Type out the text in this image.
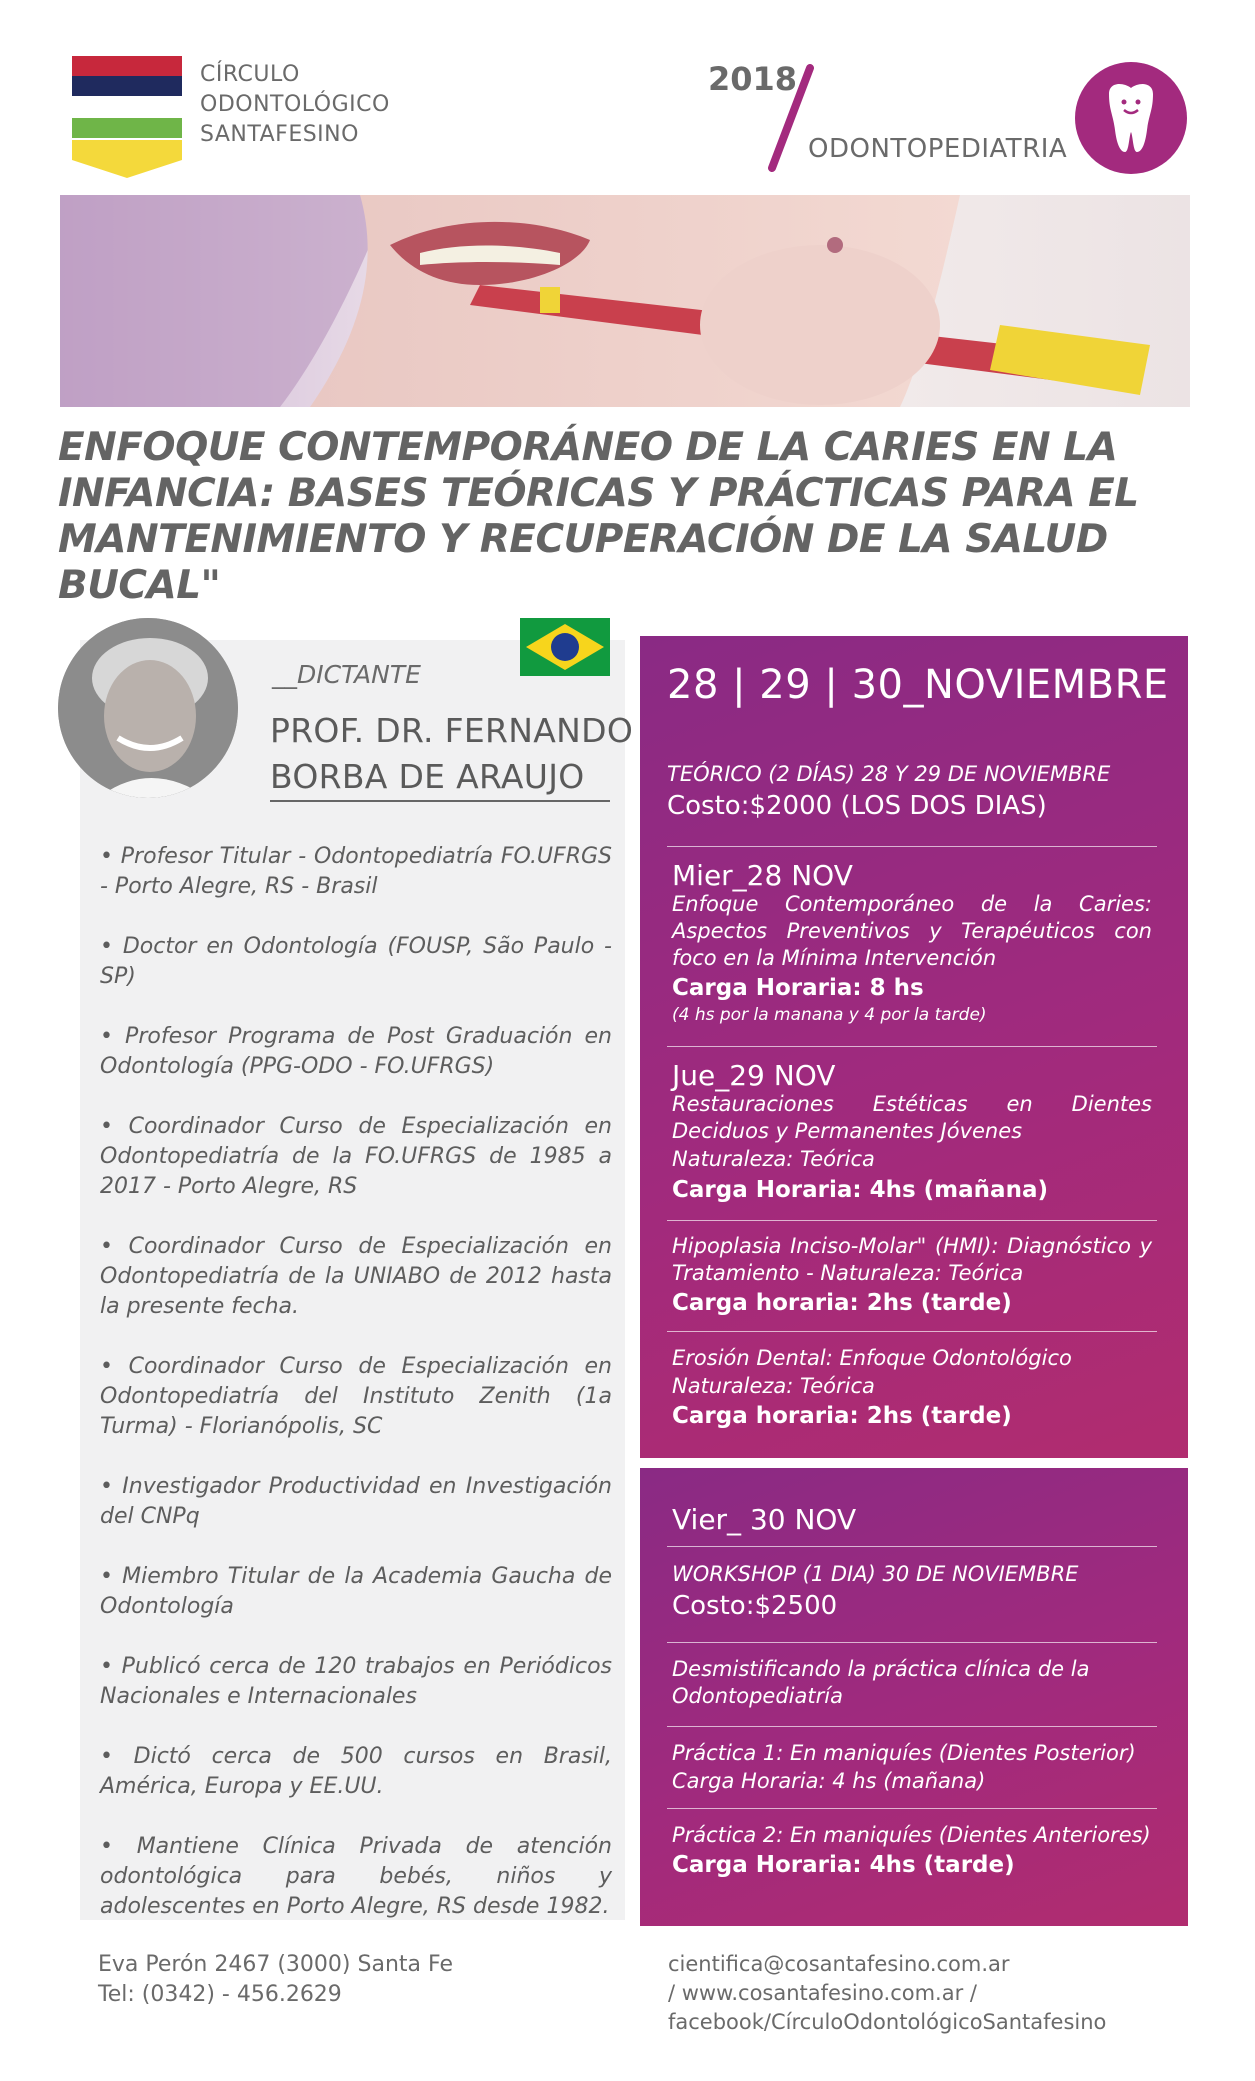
CÍRCULO
ODONTOLÓGICO
SANTAFESINO
2018
ODONTOPEDIATRIA
ENFOQUE CONTEMPORÁNEO DE LA CARIES EN LA
INFANCIA: BASES TEÓRICAS Y PRÁCTICAS PARA EL
MANTENIMIENTO Y RECUPERACIÓN DE LA SALUD BUCAL"
__DICTANTE
PROF. DR. FERNANDO
BORBA DE ARAUJO

• Profesor Titular - Odontopediatría FO.UFRGS - Porto Alegre, RS - Brasil

• Doctor en Odontología (FOUSP, São Paulo - SP)

• Profesor Programa de Post Graduación en Odontología (PPG-ODO - FO.UFRGS)

• Coordinador Curso de Especialización en Odontopediatría de la FO.UFRGS de 1985 a 2017 - Porto Alegre, RS

• Coordinador Curso de Especialización en Odontopediatría de la UNIABO de 2012 hasta la presente fecha.

• Coordinador Curso de Especialización en Odontopediatría del Instituto Zenith (1a Turma) - Florianópolis, SC

• Investigador Productividad en Investigación del CNPq

• Miembro Titular de la Academia Gaucha de Odontología

• Publicó cerca de 120 trabajos en Periódicos Nacionales e Internacionales

• Dictó cerca de 500 cursos en Brasil, América, Europa y EE.UU.

• Mantiene Clínica Privada de atención odontológica para bebés, niños y adolescentes en Porto Alegre, RS desde 1982.

28 | 29 | 30_NOVIEMBRE
TEÓRICO (2 DÍAS) 28 Y 29 DE NOVIEMBRE
Costo:$2000 (LOS DOS DIAS)
Mier_28 NOV
Enfoque Contemporáneo de la Caries: Aspectos Preventivos y Terapéuticos con foco en la Mínima Intervención
Carga Horaria: 8 hs
(4 hs por la manana y 4 por la tarde)
Jue_29 NOV
Restauraciones Estéticas en Dientes Deciduos y Permanentes Jóvenes
Naturaleza: Teórica
Carga Horaria: 4hs (mañana)
Hipoplasia Inciso-Molar" (HMI): Diagnóstico y Tratamiento - Naturaleza: Teórica
Carga horaria: 2hs (tarde)
Erosión Dental: Enfoque Odontológico
Naturaleza: Teórica
Carga horaria: 2hs (tarde)
Vier_ 30 NOV
WORKSHOP (1 DIA) 30 DE NOVIEMBRE
Costo:$2500
Desmistificando la práctica clínica de la Odontopediatría
Práctica 1: En maniquíes (Dientes Posterior)
Carga Horaria: 4 hs (mañana)
Práctica 2: En maniquíes (Dientes Anteriores)
Carga Horaria: 4hs (tarde)
Eva Perón 2467 (3000) Santa Fe
Tel: (0342) - 456.2629
cientifica@cosantafesino.com.ar
/ www.cosantafesino.com.ar /
facebook/CírculoOdontológicoSantafesino
